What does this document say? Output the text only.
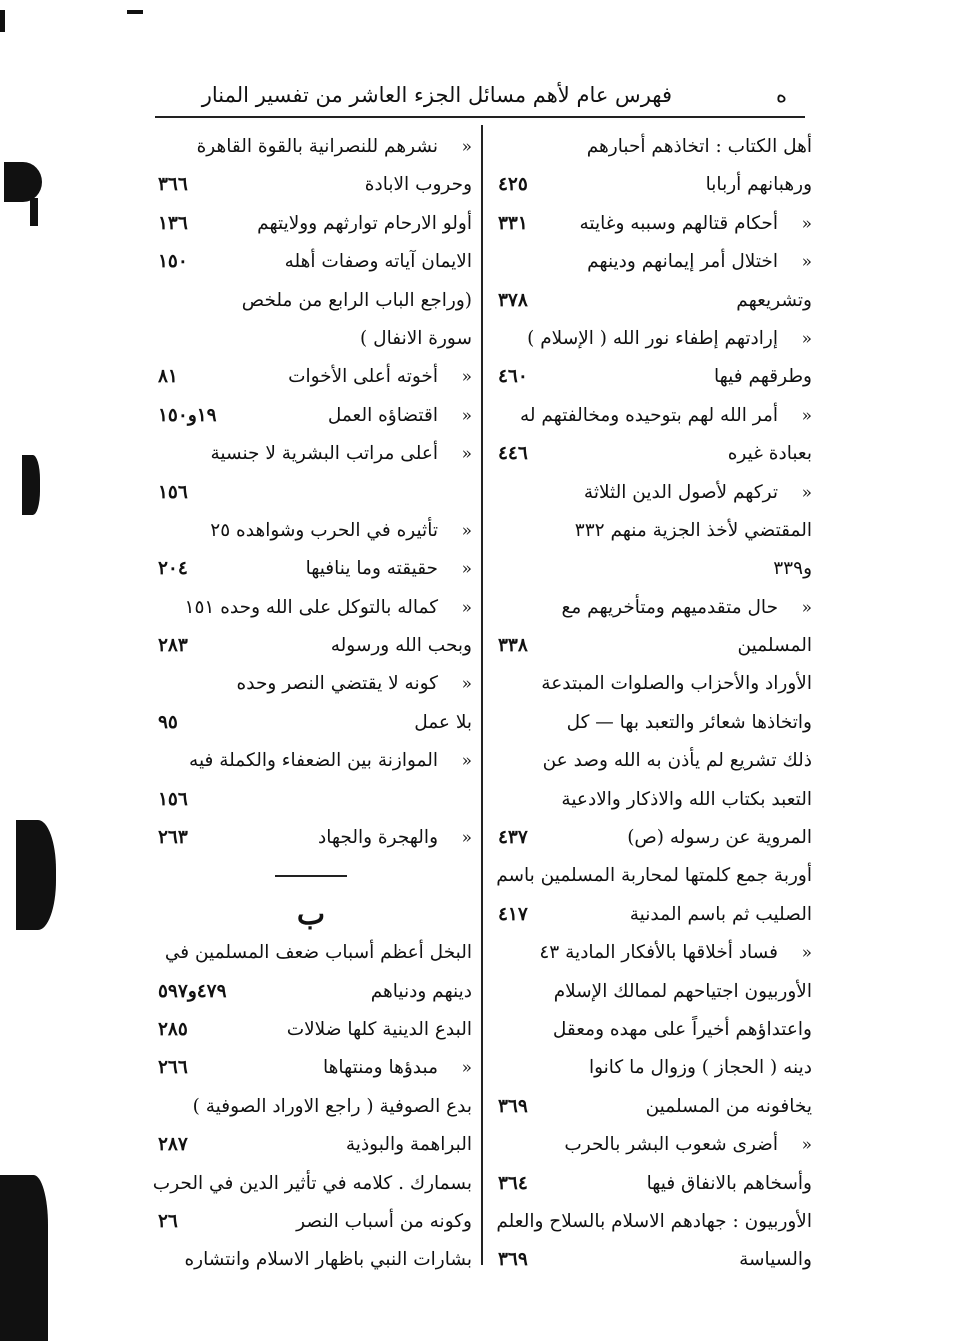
ه
فهرس عام لأهم مسائل الجزء العاشر من تفسير المنار
أهل الكتاب : اتخاذهم أحبارهم
ورهبانهم أربابا
٤٢٥
«
أحكام قتالهم وسببه وغايته
٣٣١
«
اختلال أمر إيمانهم ودينهم
وتشريعهم
٣٧٨
«
إرادتهم إطفاء نور الله ( الإسلام )
وطرقهم فيها
٤٦٠
«
أمر الله لهم بتوحيده ومخالفتهم له
بعبادة غيره
٤٤٦
«
تركهم لأصول الدين الثلاثة
المقتضي لأخذ الجزية منهم ٣٣٢
و٣٣٩
«
حال متقدميهم ومتأخريهم مع
المسلمين
٣٣٨
الأوراد والأحزاب والصلوات المبتدعة
واتخاذها شعائر والتعبد بها — كل
ذلك تشريع لم يأذن به الله وصد عن
التعبد بكتاب الله والاذكار والادعية
المروية عن رسوله (ص)
٤٣٧
أوربة جمع كلمتها لمحاربة المسلمين باسم
الصليب ثم باسم المدنية
٤١٧
«
فساد أخلاقها بالأفكار المادية ٤٣
الأوربيون اجتياحهم لممالك الإسلام
واعتداؤهم أخيراً على مهده ومعقل
دينه ( الحجاز ) وزوال ما كانوا
يخافونه من المسلمين
٣٦٩
«
أضرى شعوب البشر بالحرب
وأسخاهم بالانفاق فيها
٣٦٤
الأوربيون : جهادهم الاسلام بالسلاح والعلم
والسياسة
٣٦٩
«
نشرهم للنصرانية بالقوة القاهرة
وحروب الابادة
٣٦٦
أولو الارحام توارثهم وولايتهم
١٣٦
الايمان آياته وصفات أهله
١٥٠
(وراجع الباب الرابع من ملخص
سورة الانفال )
«
أخوته أعلى الأخوات
٨١
«
اقتضاؤه العمل
١٩و١٥٠
«
أعلى مراتب البشرية لا جنسية
١٥٦
«
تأثيره في الحرب وشواهده ٢٥
«
حقيقته وما ينافيها
٢٠٤
«
كماله بالتوكل على الله وحده ١٥١
وبحب الله ورسوله
٢٨٣
«
كونه لا يقتضي النصر وحده
بلا عمل
٩٥
«
الموازنة بين الضعفاء والكملة فيه
١٥٦
«
والهجرة والجهاد
٢٦٣
ب
البخل أعظم أسباب ضعف المسلمين في
دينهم ودنياهم
٤٧٩و٥٩٧
البدع الدينية كلها ضلالات
٢٨٥
«
مبدؤها ومنتهاها
٢٦٦
بدع الصوفية ( راجع الاوراد الصوفية )
البراهمة والبوذية
٢٨٧
بسمارك . كلامه في تأثير الدين في الحرب
وكونه من أسباب النصر
٢٦
بشارات النبي باظهار الاسلام وانتشاره
